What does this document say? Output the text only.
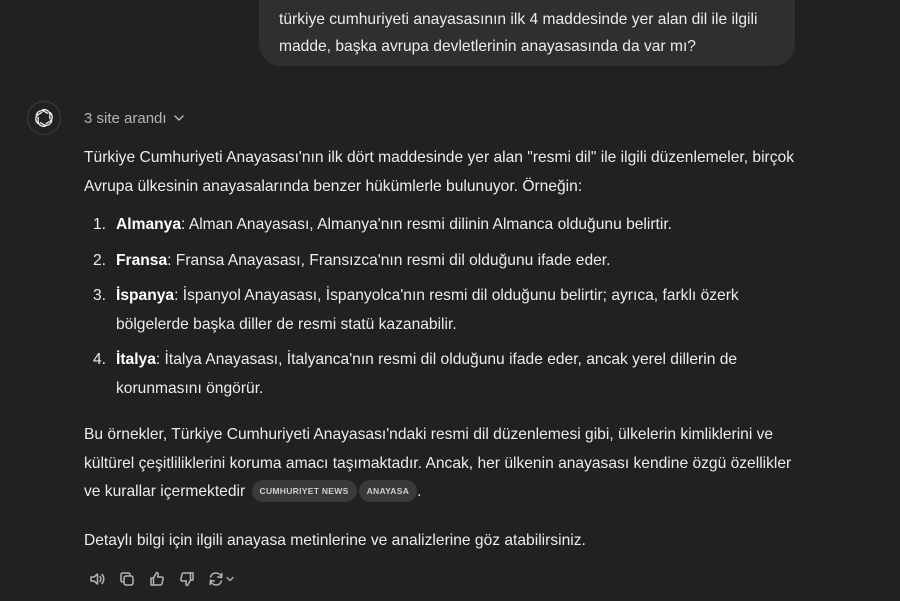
türkiye cumhuriyeti anayasasının ilk 4 maddesinde yer alan dil ile ilgili madde, başka avrupa devletlerinin anayasasında da var mı?
3 site arandı

Türkiye Cumhuriyeti Anayasası'nın ilk dört maddesinde yer alan "resmi dil" ile ilgili düzenlemeler, birçok Avrupa ülkesinin anayasalarında benzer hükümlerle bulunuyor. Örneğin:

1. Almanya: Alman Anayasası, Almanya'nın resmi dilinin Almanca olduğunu belirtir.
2. Fransa: Fransa Anayasası, Fransızca'nın resmi dil olduğunu ifade eder.
3. İspanya: İspanyol Anayasası, İspanyolca'nın resmi dil olduğunu belirtir; ayrıca, farklı özerk bölgelerde başka diller de resmi statü kazanabilir.
4. İtalya: İtalya Anayasası, İtalyanca'nın resmi dil olduğunu ifade eder, ancak yerel dillerin de korunmasını öngörür.

Bu örnekler, Türkiye Cumhuriyeti Anayasası'ndaki resmi dil düzenlemesi gibi, ülkelerin kimliklerini ve kültürel çeşitliliklerini koruma amacı taşımaktadır. Ancak, her ülkenin anayasası kendine özgü özellikler ve kurallar içermektedir CUMHURIYET NEWS ANAYASA .

Detaylı bilgi için ilgili anayasa metinlerine ve analizlerine göz atabilirsiniz.
